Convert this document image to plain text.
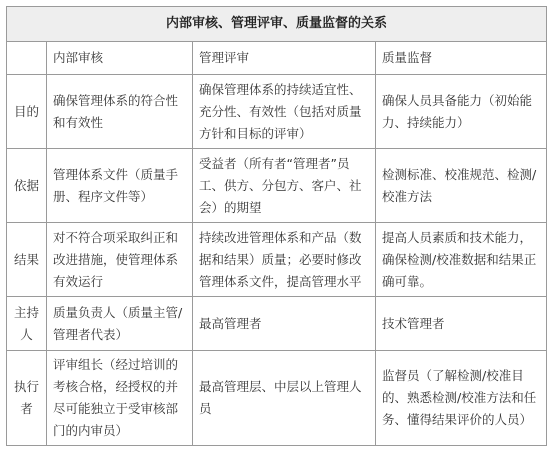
内部审核、管理评审、质量监督的关系			
	内部审核	管理评审	质量监督
目的	确保管理体系的符合性和有效性	确保管理体系的持续适宜性、充分性、有效性（包括对质量方针和目标的评审）	确保人员具备能力（初始能力、持续能力）
依据	管理体系文件（质量手册、程序文件等）	受益者（所有者“管理者”员工、供方、分包方、客户、社会）的期望	检测标准、校准规范、检测/校准方法
结果	对不符合项采取纠正和改进措施，使管理体系有效运行	持续改进管理体系和产品（数据和结果）质量；必要时修改管理体系文件，提高管理水平	提高人员素质和技术能力，确保检测/校准数据和结果正确可靠。
主持人	质量负责人（质量主管/管理者代表）	最高管理者	技术管理者
执行者	评审组长（经过培训的考核合格，经授权的并尽可能独立于受审核部门的内审员）	最高管理层、中层以上管理人员	监督员（了解检测/校准目的、熟悉检测/校准方法和任务、懂得结果评价的人员）
